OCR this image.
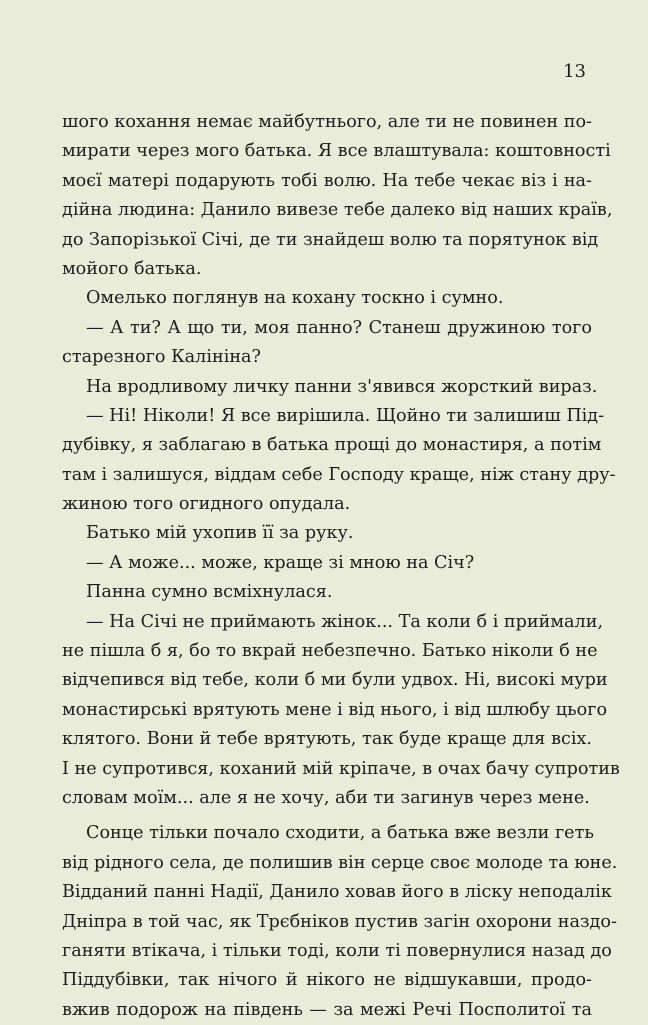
13
шого кохання немає майбутнього, але ти не повинен по-
мирати через мого батька. Я все влаштувала: коштовності
моєї матері подарують тобі волю. На тебе чекає віз і на-
дійна людина: Данило вивезе тебе далеко від наших країв,
до Запорізької Січі, де ти знайдеш волю та порятунок від
мойого батька.
Омелько поглянув на кохану тоскно і сумно.
— А ти? А що ти, моя панно? Станеш дружиною того
старезного Калініна?
На вродливому личку панни з'явився жорсткий вираз.
— Ні! Ніколи! Я все вирішила. Щойно ти залишиш Під-
дубівку, я заблагаю в батька прощі до монастиря, а потім
там і залишуся, віддам себе Господу краще, ніж стану дру-
жиною того огидного опудала.
Батько мій ухопив її за руку.
— А може... може, краще зі мною на Січ?
Панна сумно всміхнулася.
— На Січі не приймають жінок... Та коли б і приймали,
не пішла б я, бо то вкрай небезпечно. Батько ніколи б не
відчепився від тебе, коли б ми були удвох. Ні, високі мури
монастирські врятують мене і від нього, і від шлюбу цього
клятого. Вони й тебе врятують, так буде краще для всіх.
І не супротився, коханий мій кріпаче, в очах бачу супротив
словам моїм... але я не хочу, аби ти загинув через мене.
Сонце тільки почало сходити, а батька вже везли геть
від рідного села, де полишив він серце своє молоде та юне.
Відданий панні Надії, Данило ховав його в ліску неподалік
Дніпра в той час, як Трєбніков пустив загін охорони наздо-
ганяти втікача, і тільки тоді, коли ті повернулися назад до
Піддубівки, так нічого й нікого не відшукавши, продо-
вжив подорож на південь — за межі Речі Посполитої та
